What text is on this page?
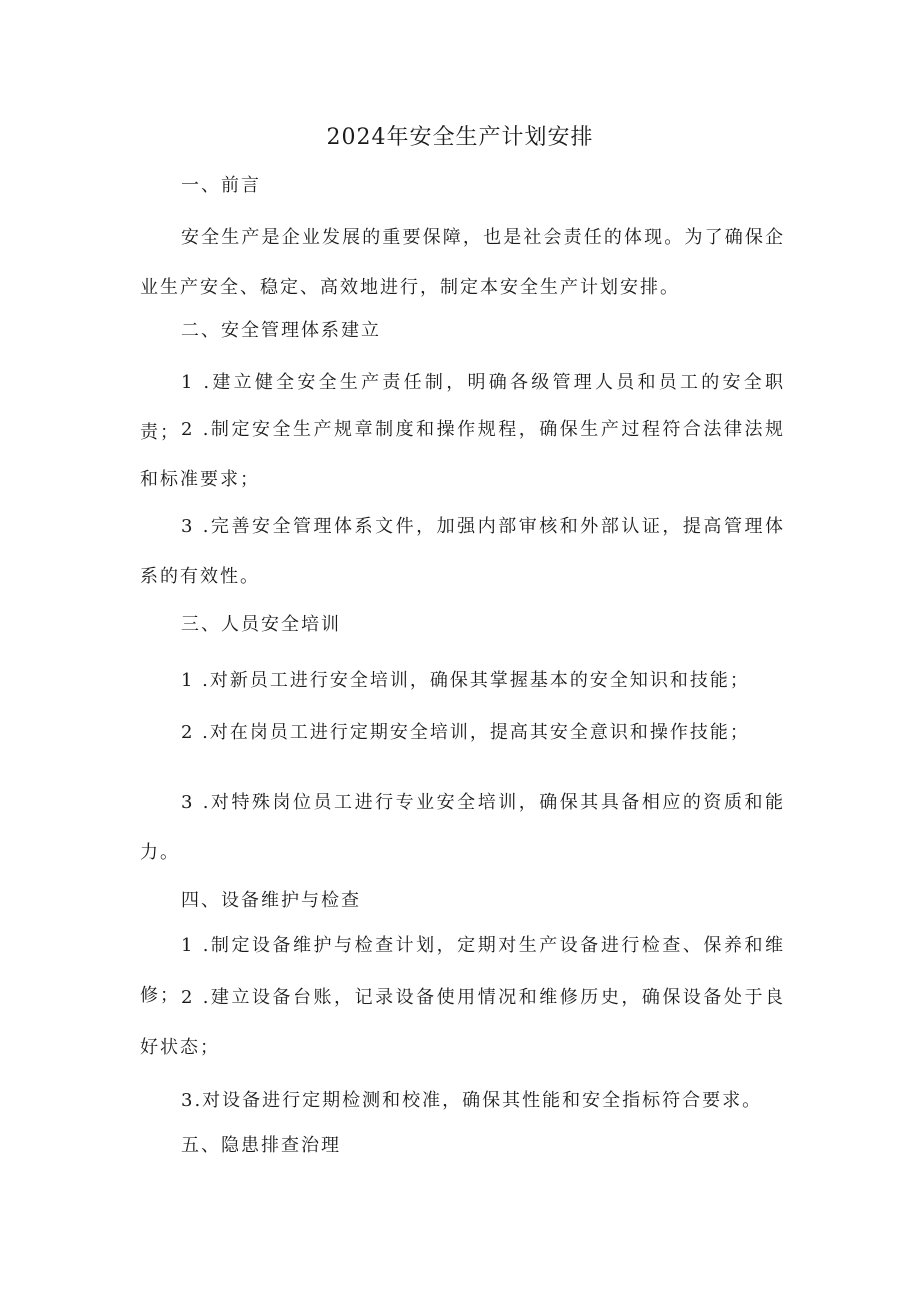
2024年安全生产计划安排

一、前言

安全生产是企业发展的重要保障，也是社会责任的体现。为了确保企业生产安全、稳定、高效地进行，制定本安全生产计划安排。

二、安全管理体系建立

1 .建立健全安全生产责任制，明确各级管理人员和员工的安全职责； 2 .制定安全生产规章制度和操作规程，确保生产过程符合法律法规和标准要求；

3 .完善安全管理体系文件，加强内部审核和外部认证，提高管理体系的有效性。

三、人员安全培训

1 .对新员工进行安全培训，确保其掌握基本的安全知识和技能；

2 .对在岗员工进行定期安全培训，提高其安全意识和操作技能；

3 .对特殊岗位员工进行专业安全培训，确保其具备相应的资质和能力。

四、设备维护与检查

1 .制定设备维护与检查计划，定期对生产设备进行检查、保养和维修； 2 .建立设备台账，记录设备使用情况和维修历史，确保设备处于良好状态；

3.对设备进行定期检测和校准，确保其性能和安全指标符合要求。

五、隐患排查治理
